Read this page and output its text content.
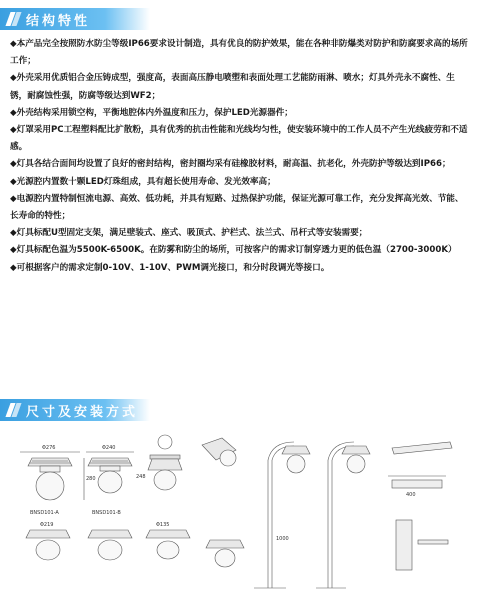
结构特性

◆本产品完全按照防水防尘等级IP66要求设计制造，具有优良的防护效果，能在各种非防爆类对防护和防腐要求高的场所工作；

◆外壳采用优质铝合金压铸成型，强度高，表面高压静电喷塑和表面处理工艺能防雨淋、喷水；灯具外壳永不腐性、生锈，耐腐蚀性强，防腐等级达到WF2；

◆外壳结构采用锁空构，平衡地腔体内外温度和压力，保护LED光源器件；

◆灯罩采用PC工程塑料配比扩散粉，具有优秀的抗击性能和光线均匀性，使安装环境中的工作人员不产生光线疲劳和不适感。

◆灯具各结合面间均设置了良好的密封结构，密封圈均采有硅橡胶材料，耐高温、抗老化，外壳防护等级达到IP66；

◆光源腔内置数十颗LED灯珠组成，具有超长使用寿命、发光效率高；

◆电源腔内置特制恒流电源、高效、低功耗，并具有短路、过热保护功能，保证光源可靠工作，充分发挥高光效、节能、长寿命的特性；

◆灯具标配U型固定支架，满足壁装式、座式、吸顶式、护栏式、法兰式、吊杆式等安装需要；

◆灯具标配色温为5500K-6500K。在防雾和防尘的场所，可按客户的需求订制穿透力更的低色温（2700-3000K）

◆可根据客户的需求定制0-10V、1-10V、PWM调光接口，和分时段调光等接口。

尺寸及安装方式
BNSD101-A	BNSD101-B
Φ276	Φ240
280	248
Φ219	Φ135
1000
400
